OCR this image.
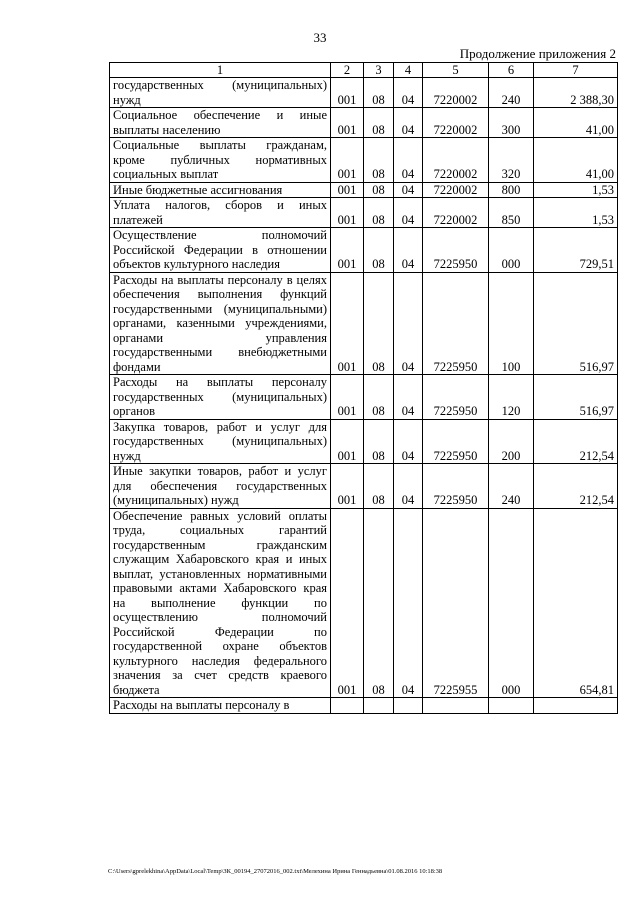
33
Продолжение приложения 2
1	2	3	4	5	6	7
государственных (муниципальных) нужд	001	08	04	7220002	240	2 388,30
Социальное обеспечение и иные выплаты населению	001	08	04	7220002	300	41,00
Социальные выплаты гражданам, кроме публичных нормативных социальных выплат	001	08	04	7220002	320	41,00
Иные бюджетные ассигнования	001	08	04	7220002	800	1,53
Уплата налогов, сборов и иных платежей	001	08	04	7220002	850	1,53
Осуществление полномочий Российской Федерации в отношении объектов культурного наследия	001	08	04	7225950	000	729,51
Расходы на выплаты персоналу в целях обеспечения выполнения функций государственными (муниципальными) органами, казенными учреждениями, органами управления государственными внебюджетными фондами	001	08	04	7225950	100	516,97
Расходы на выплаты персоналу государственных (муниципальных) органов	001	08	04	7225950	120	516,97
Закупка товаров, работ и услуг для государственных (муниципальных) нужд	001	08	04	7225950	200	212,54
Иные закупки товаров, работ и услуг для обеспечения государственных (муниципальных) нужд	001	08	04	7225950	240	212,54
Обеспечение равных условий оплаты труда, социальных гарантий государственным гражданским служащим Хабаровского края и иных выплат, установленных нормативными правовыми актами Хабаровского края на выполнение функции по осуществлению полномочий Российской Федерации по государственной охране объектов культурного наследия федерального значения за счет средств краевого бюджета	001	08	04	7225955	000	654,81
Расходы на выплаты персоналу в						
C:\Users\gprelekhina\AppData\Local\Temp\ЗК_00194_27072016_002.txt\Мелехина Ирина Геннадьевна\01.08.2016 10:18:38
